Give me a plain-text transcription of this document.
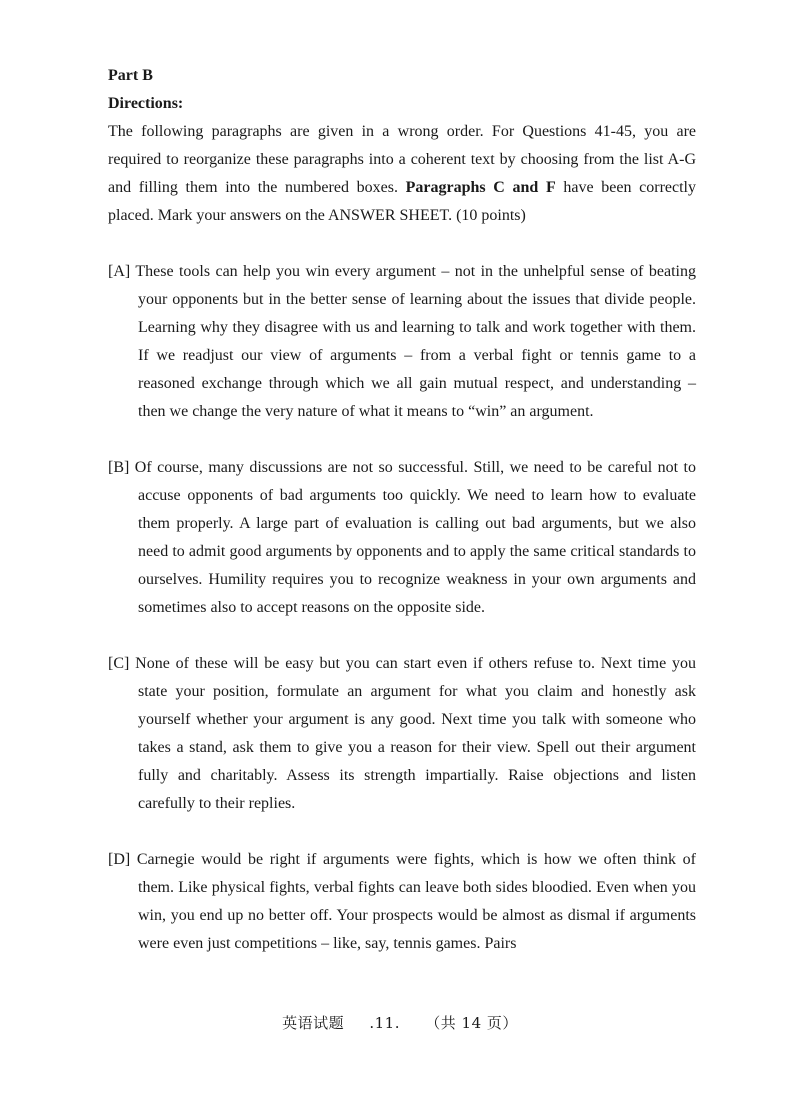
Part B

Directions:

The following paragraphs are given in a wrong order. For Questions 41-45, you are required to reorganize these paragraphs into a coherent text by choosing from the list A-G and filling them into the numbered boxes. Paragraphs C and F have been correctly placed. Mark your answers on the ANSWER SHEET. (10 points)

[A] These tools can help you win every argument – not in the unhelpful sense of beating your opponents but in the better sense of learning about the issues that divide people. Learning why they disagree with us and learning to talk and work together with them. If we readjust our view of arguments – from a verbal fight or tennis game to a reasoned exchange through which we all gain mutual respect, and understanding – then we change the very nature of what it means to “win” an argument.

[B] Of course, many discussions are not so successful. Still, we need to be careful not to accuse opponents of bad arguments too quickly. We need to learn how to evaluate them properly. A large part of evaluation is calling out bad arguments, but we also need to admit good arguments by opponents and to apply the same critical standards to ourselves. Humility requires you to recognize weakness in your own arguments and sometimes also to accept reasons on the opposite side.

[C] None of these will be easy but you can start even if others refuse to. Next time you state your position, formulate an argument for what you claim and honestly ask yourself whether your argument is any good. Next time you talk with someone who takes a stand, ask them to give you a reason for their view. Spell out their argument fully and charitably. Assess its strength impartially. Raise objections and listen carefully to their replies.

[D] Carnegie would be right if arguments were fights, which is how we often think of them. Like physical fights, verbal fights can leave both sides bloodied. Even when you win, you end up no better off. Your prospects would be almost as dismal if arguments were even just competitions – like, say, tennis games. Pairs

英语试题 .11. （共 14 页）
